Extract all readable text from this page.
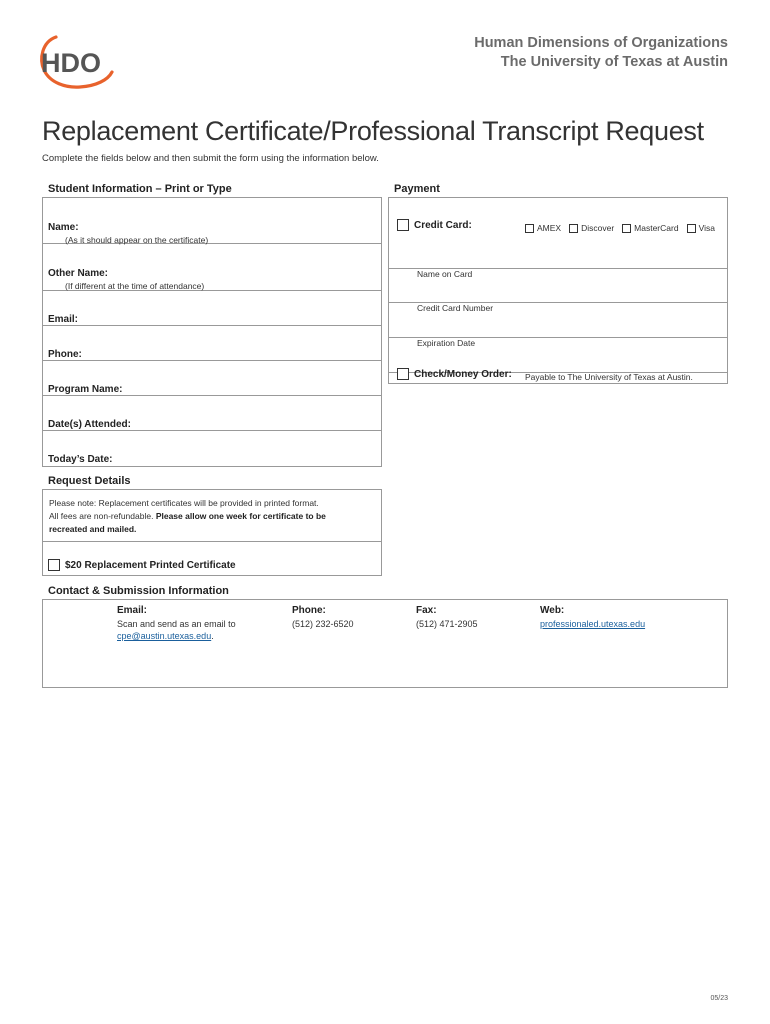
HDO
Human Dimensions of Organizations
The University of Texas at Austin
Replacement Certificate/Professional Transcript Request
Complete the fields below and then submit the form using the information below.
Student Information – Print or Type
Name:
(As it should appear on the certificate)
Other Name:
(If different at the time of attendance)
Email:
Phone:
Program Name:
Date(s) Attended:
Today’s Date:
Payment
Credit Card:	AMEX Discover MasterCard Visa
Name on Card
Credit Card Number
Expiration Date
Check/Money Order: Payable to The University of Texas at Austin.
Request Details
Please note: Replacement certificates will be provided in printed format.
All fees are non-refundable. Please allow one week for certificate to be
recreated and mailed.
$20 Replacement Printed Certificate
Contact & Submission Information
Email:
Scan and send as an email to
cpe@austin.utexas.edu.
Phone:
(512) 232-6520
Fax:
(512) 471-2905
Web:
professionaled.utexas.edu
05/23
